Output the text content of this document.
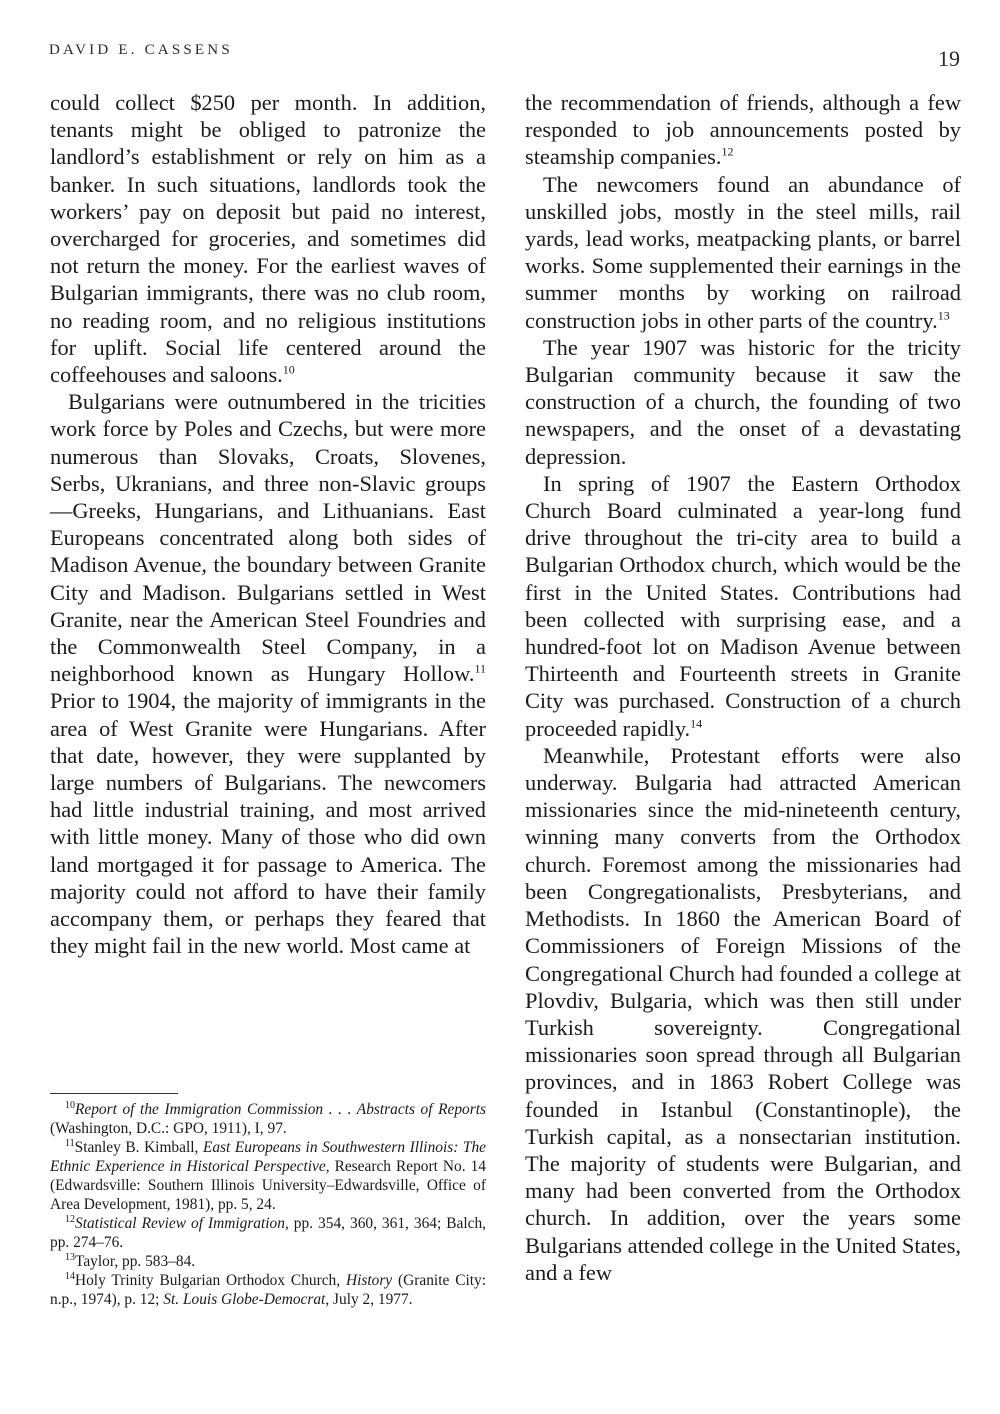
DAVID E. CASSENS	19

could collect $250 per month. In addition, tenants might be obliged to patronize the landlord’s establishment or rely on him as a banker. In such situations, landlords took the workers’ pay on deposit but paid no interest, overcharged for groceries, and sometimes did not return the money. For the earliest waves of Bulgarian immigrants, there was no club room, no reading room, and no religious institutions for uplift. Social life centered around the coffeehouses and saloons.$^{10}$

Bulgarians were outnumbered in the tricities work force by Poles and Czechs, but were more numerous than Slovaks, Croats, Slovenes, Serbs, Ukranians, and three non-Slavic groups—Greeks, Hungarians, and Lithuanians. East Europeans concentrated along both sides of Madison Avenue, the boundary between Granite City and Madison. Bulgarians settled in West Granite, near the American Steel Foundries and the Commonwealth Steel Company, in a neighborhood known as Hungary Hollow.$^{11}$ Prior to 1904, the majority of immigrants in the area of West Granite were Hungarians. After that date, however, they were supplanted by large numbers of Bulgarians. The newcomers had little industrial training, and most arrived with little money. Many of those who did own land mortgaged it for passage to America. The majority could not afford to have their family accompany them, or perhaps they feared that they might fail in the new world. Most came at

the recommendation of friends, although a few responded to job announcements posted by steamship companies.$^{12}$

The newcomers found an abundance of unskilled jobs, mostly in the steel mills, rail yards, lead works, meatpacking plants, or barrel works. Some supplemented their earnings in the summer months by working on railroad construction jobs in other parts of the country.$^{13}$

The year 1907 was historic for the tricity Bulgarian community because it saw the construction of a church, the founding of two newspapers, and the onset of a devastating depression.

In spring of 1907 the Eastern Orthodox Church Board culminated a year-long fund drive throughout the tri-city area to build a Bulgarian Orthodox church, which would be the first in the United States. Contributions had been collected with surprising ease, and a hundred-foot lot on Madison Avenue between Thirteenth and Fourteenth streets in Granite City was purchased. Construction of a church proceeded rapidly.$^{14}$

Meanwhile, Protestant efforts were also underway. Bulgaria had attracted American missionaries since the mid-nineteenth century, winning many converts from the Orthodox church. Foremost among the missionaries had been Congregationalists, Presbyterians, and Methodists. In 1860 the American Board of Commissioners of Foreign Missions of the Congregational Church had founded a college at Plovdiv, Bulgaria, which was then still under Turkish sovereignty. Congregational missionaries soon spread through all Bulgarian provinces, and in 1863 Robert College was founded in Istanbul (Constantinople), the Turkish capital, as a nonsectarian institution. The majority of students were Bulgarian, and many had been converted from the Orthodox church. In addition, over the years some Bulgarians attended college in the United States, and a few

$^{10}$Report of the Immigration Commission . . . Abstracts of Reports (Washington, D.C.: GPO, 1911), I, 97.

$^{11}$Stanley B. Kimball, East Europeans in Southwestern Illinois: The Ethnic Experience in Historical Perspective, Research Report No. 14 (Edwardsville: Southern Illinois University–Edwardsville, Office of Area Development, 1981), pp. 5, 24.

$^{12}$Statistical Review of Immigration, pp. 354, 360, 361, 364; Balch, pp. 274–76.

$^{13}$Taylor, pp. 583–84.

$^{14}$Holy Trinity Bulgarian Orthodox Church, History (Granite City: n.p., 1974), p. 12; St. Louis Globe-Democrat, July 2, 1977.
